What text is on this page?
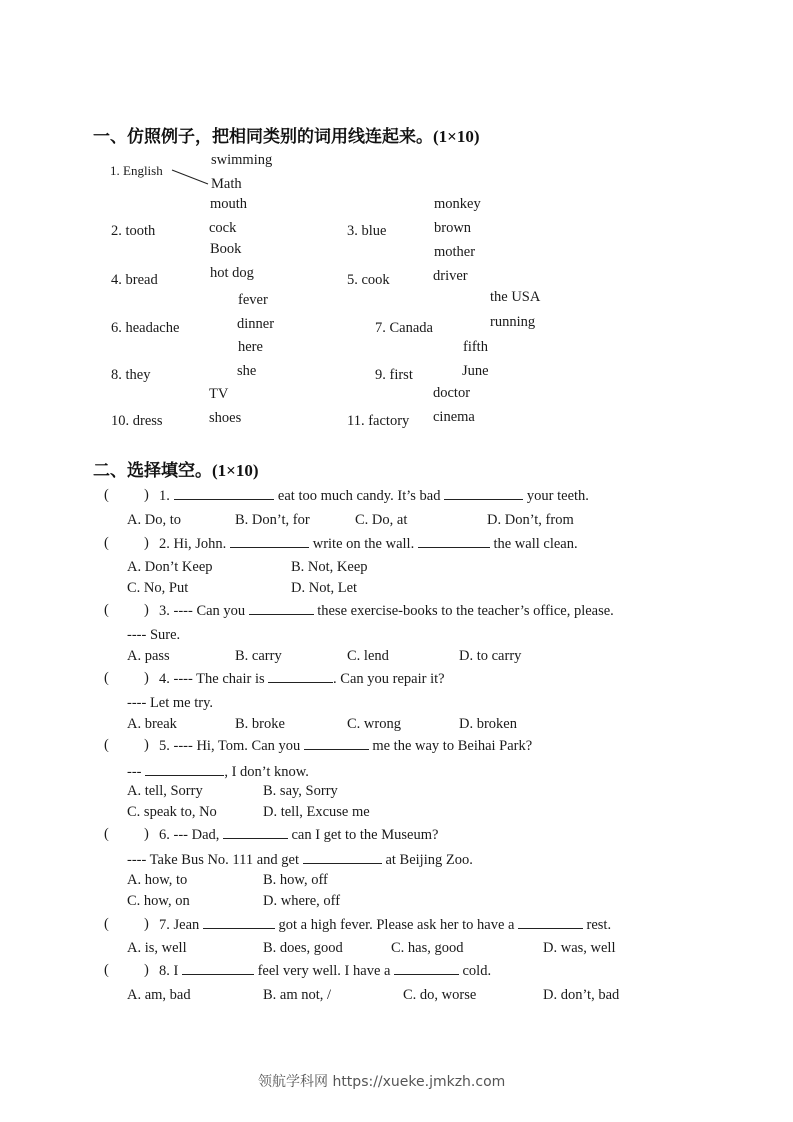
一、仿照例子，把相同类别的词用线连起来。(1×10)
1. English
2. tooth
4. bread
6. headache
8. they
10. dress
swimming
Math
mouth
cock
Book
hot dog
fever
dinner
here
she
TV
shoes
3. blue
5. cook
7. Canada
9. first
11. factory
monkey
brown
mother
driver
the USA
running
fifth
June
doctor
cinema
二、选择填空。(1×10)
( ) 1.	eat too much candy. It’s bad	your teeth.
A. Do, to	B. Don’t, for	C. Do, at	D. Don’t, from
( ) 2. Hi, John.	write on the wall.	the wall clean.
A. Don’t Keep	B. Not, Keep
C. No, Put	D. Not, Let
( ) 3. ---- Can you	these exercise-books to the teacher’s office, please.
---- Sure.
A. pass	B. carry	C. lend	D. to carry
( ) 4. ---- The chair is	. Can you repair it?
---- Let me try.
A. break	B. broke	C. wrong	D. broken
( ) 5. ---- Hi, Tom. Can you	me the way to Beihai Park?
---	, I don’t know.
A. tell, Sorry	B. say, Sorry
C. speak to, No	D. tell, Excuse me
( ) 6. --- Dad,	can I get to the Museum?
---- Take Bus No. 111 and get	at Beijing Zoo.
A. how, to	B. how, off
C. how, on	D. where, off
( ) 7. Jean	got a high fever. Please ask her to have a	rest.
A. is, well	B. does, good	C. has, good	D. was, well
( ) 8. I	feel very well. I have a	cold.
A. am, bad	B. am not, /	C. do, worse	D. don’t, bad
领航学科网 https://xueke.jmkzh.com
